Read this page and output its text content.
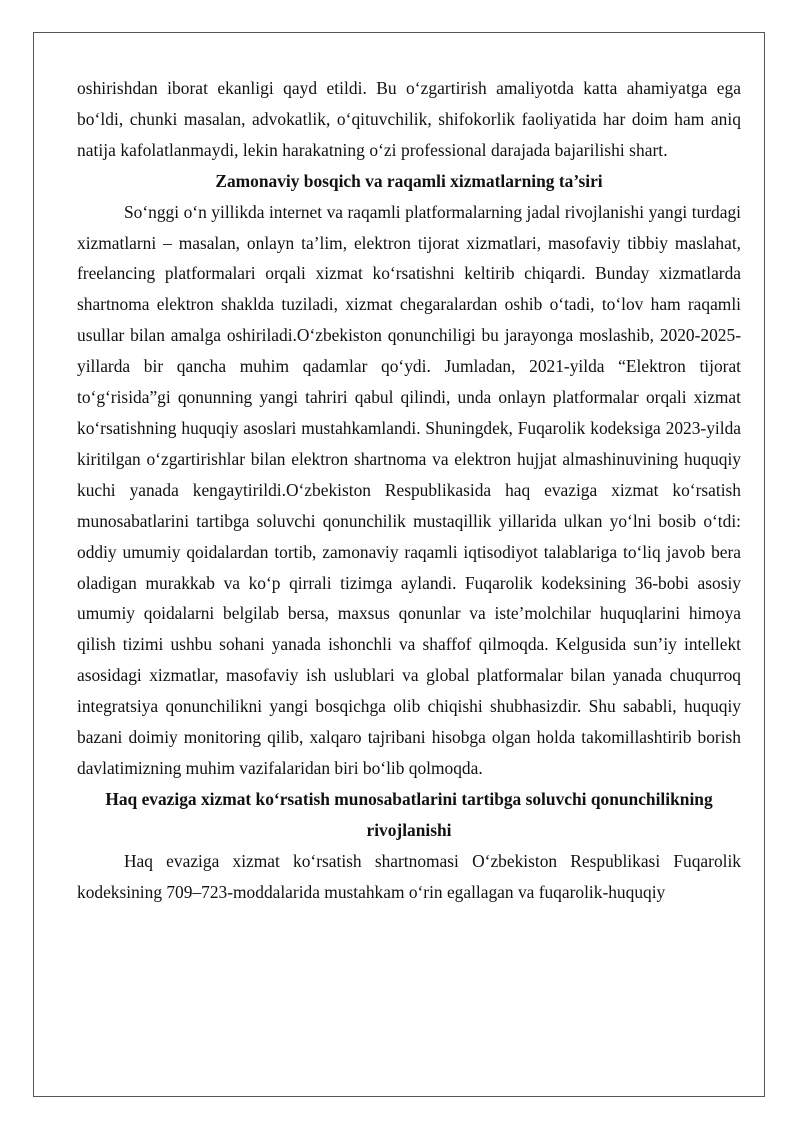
oshirishdan iborat ekanligi qayd etildi. Bu o‘zgartirish amaliyotda katta ahamiyatga ega bo‘ldi, chunki masalan, advokatlik, o‘qituvchilik, shifokorlik faoliyatida har doim ham aniq natija kafolatlanmaydi, lekin harakatning o‘zi professional darajada bajarilishi shart.

Zamonaviy bosqich va raqamli xizmatlarning ta’siri

So‘nggi o‘n yillikda internet va raqamli platformalarning jadal rivojlanishi yangi turdagi xizmatlarni – masalan, onlayn ta’lim, elektron tijorat xizmatlari, masofaviy tibbiy maslahat, freelancing platformalari orqali xizmat ko‘rsatishni keltirib chiqardi. Bunday xizmatlarda shartnoma elektron shaklda tuziladi, xizmat chegaralardan oshib o‘tadi, to‘lov ham raqamli usullar bilan amalga oshiriladi.O‘zbekiston qonunchiligi bu jarayonga moslashib, 2020-2025-yillarda bir qancha muhim qadamlar qo‘ydi. Jumladan, 2021-yilda “Elektron tijorat to‘g‘risida”gi qonunning yangi tahriri qabul qilindi, unda onlayn platformalar orqali xizmat ko‘rsatishning huquqiy asoslari mustahkamlandi. Shuningdek, Fuqarolik kodeksiga 2023-yilda kiritilgan o‘zgartirishlar bilan elektron shartnoma va elektron hujjat almashinuvining huquqiy kuchi yanada kengaytirildi.O‘zbekiston Respublikasida haq evaziga xizmat ko‘rsatish munosabatlarini tartibga soluvchi qonunchilik mustaqillik yillarida ulkan yo‘lni bosib o‘tdi: oddiy umumiy qoidalardan tortib, zamonaviy raqamli iqtisodiyot talablariga to‘liq javob bera oladigan murakkab va ko‘p qirrali tizimga aylandi. Fuqarolik kodeksining 36-bobi asosiy umumiy qoidalarni belgilab bersa, maxsus qonunlar va iste’molchilar huquqlarini himoya qilish tizimi ushbu sohani yanada ishonchli va shaffof qilmoqda. Kelgusida sun’iy intellekt asosidagi xizmatlar, masofaviy ish uslublari va global platformalar bilan yanada chuqurroq integratsiya qonunchilikni yangi bosqichga olib chiqishi shubhasizdir. Shu sababli, huquqiy bazani doimiy monitoring qilib, xalqaro tajribani hisobga olgan holda takomillashtirib borish davlatimizning muhim vazifalaridan biri bo‘lib qolmoqda.

Haq evaziga xizmat ko‘rsatish munosabatlarini tartibga soluvchi qonunchilikning rivojlanishi

Haq evaziga xizmat ko‘rsatish shartnomasi O‘zbekiston Respublikasi Fuqarolik kodeksining 709–723-moddalarida mustahkam o‘rin egallagan va fuqarolik-huquqiy
